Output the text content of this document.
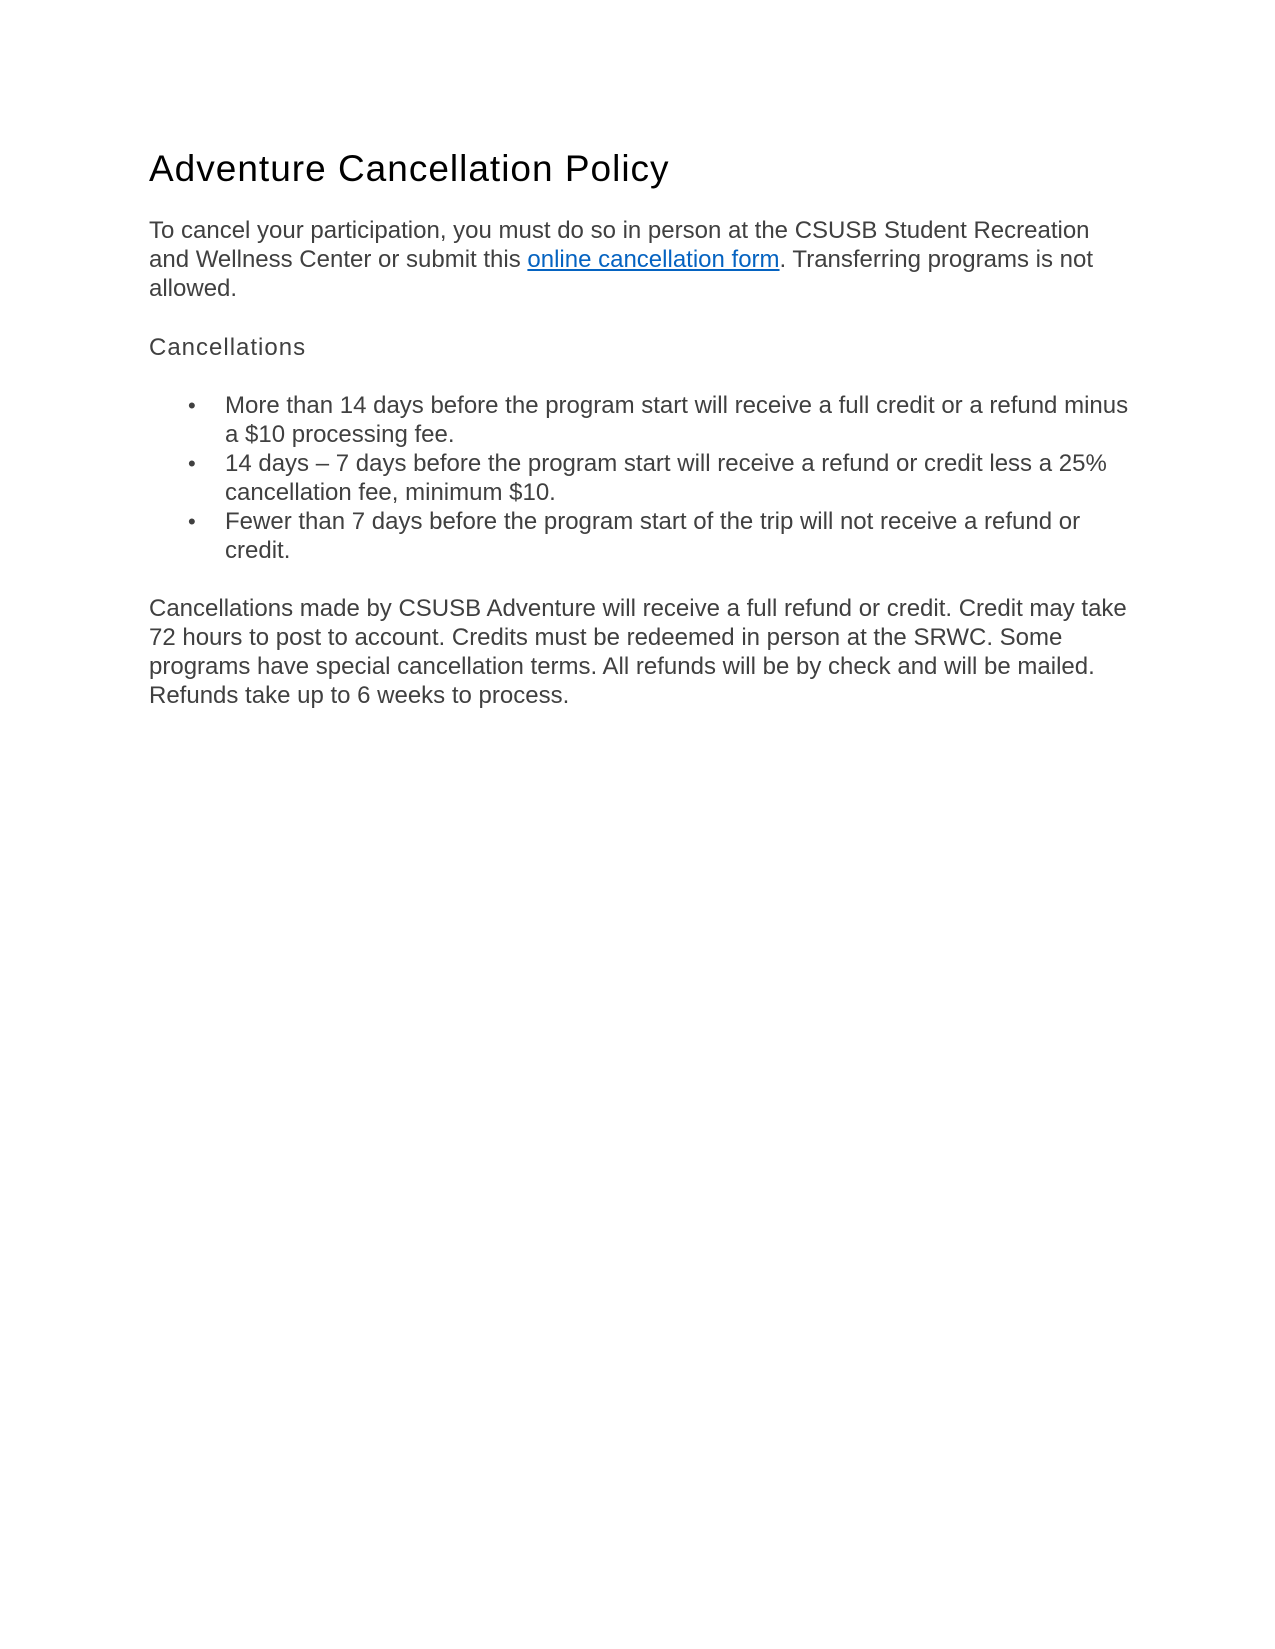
Adventure Cancellation Policy

To cancel your participation, you must do so in person at the CSUSB Student Recreation and Wellness Center or submit this online cancellation form. Transferring programs is not allowed.

Cancellations
• More than 14 days before the program start will receive a full credit or a refund minus a $10 processing fee.
• 14 days – 7 days before the program start will receive a refund or credit less a 25% cancellation fee, minimum $10.
• Fewer than 7 days before the program start of the trip will not receive a refund or credit.

Cancellations made by CSUSB Adventure will receive a full refund or credit. Credit may take 72 hours to post to account. Credits must be redeemed in person at the SRWC. Some programs have special cancellation terms. All refunds will be by check and will be mailed. Refunds take up to 6 weeks to process.
